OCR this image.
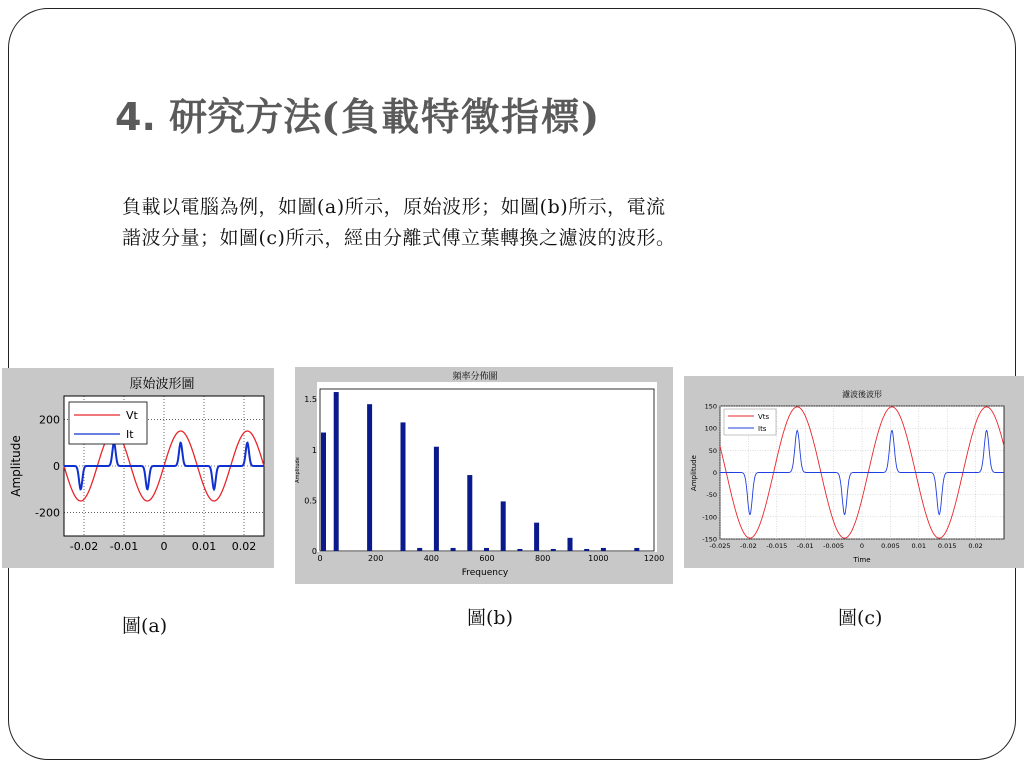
4. 研究方法(負載特徵指標)
負載以電腦為例，如圖(a)所示，原始波形；如圖(b)所示，電流
諧波分量；如圖(c)所示，經由分離式傅立葉轉換之濾波的波形。
原始波形圖
Vt
It
Amplitude
-0.02 -0.01 0 0.01 0.02
200
0
-200
頻率分佈圖
0	200	400	600	800	1000	1200
1.5
1
0.5
0
Frequency
Amplitude
濾波後波形
Vts
Its
-0.025 -0.02 -0.015 -0.01 -0.005 0	0.005 0.01 0.015 0.02
150
100
50
0
-50
-100
-150
Time
Amplitude
圖(a)	圖(b)	圖(c)
